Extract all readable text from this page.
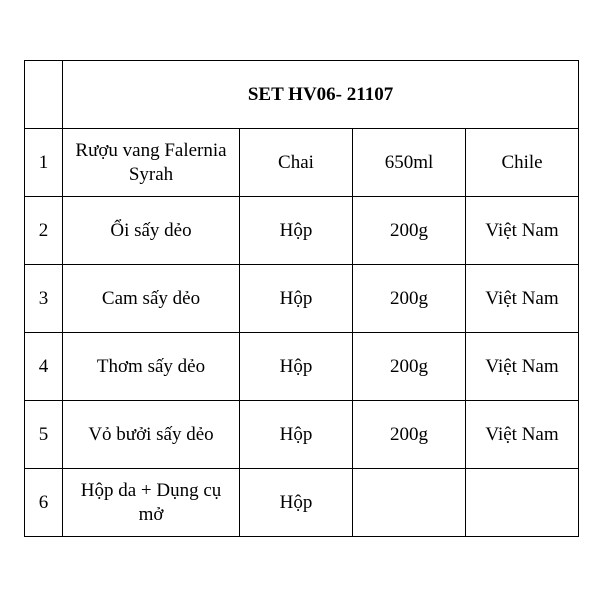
	SET HV06- 21107			
1	Rượu vang Falernia Syrah	Chai	650ml	Chile
2	Ổi sấy dẻo	Hộp	200g	Việt Nam
3	Cam sấy dẻo	Hộp	200g	Việt Nam
4	Thơm sấy dẻo	Hộp	200g	Việt Nam
5	Vỏ bưởi sấy dẻo	Hộp	200g	Việt Nam
6	Hộp da + Dụng cụ mở	Hộp		
